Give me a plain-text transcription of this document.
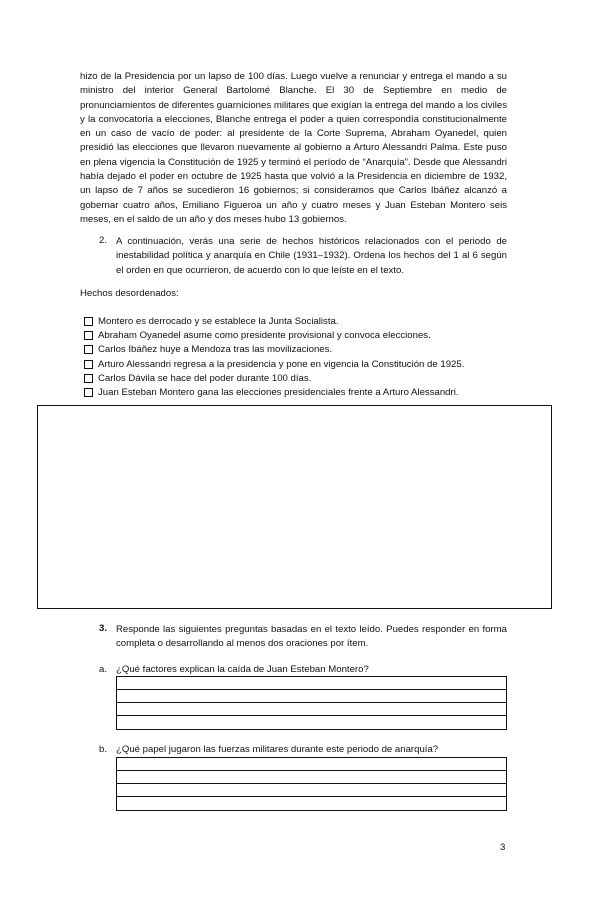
hizo de la Presidencia por un lapso de 100 días. Luego vuelve a renunciar y entrega el mando a su ministro del interior General Bartolomé Blanche. El 30 de Septiembre en medio de pronunciamientos de diferentes guarniciones militares que exigían la entrega del mando a los civiles y la convocatoria a elecciones, Blanche entrega el poder a quien correspondía constitucionalmente en un caso de vacío de poder: al presidente de la Corte Suprema, Abraham Oyanedel, quien presidió las elecciones que llevaron nuevamente al gobierno a Arturo Alessandri Palma. Este puso en plena vigencia la Constitución de 1925 y terminó el período de “Anarquía”. Desde que Alessandri había dejado el poder en octubre de 1925 hasta que volvió a la Presidencia en diciembre de 1932, un lapso de 7 años se sucedieron 16 gobiernos; si consideramos que Carlos Ibáñez alcanzó a gobernar cuatro años, Emiliano Figueroa un año y cuatro meses y Juan Esteban Montero seis meses, en el saldo de un año y dos meses hubo 13 gobiernos.

2. A continuación, verás una serie de hechos históricos relacionados con el periodo de inestabilidad política y anarquía en Chile (1931–1932). Ordena los hechos del 1 al 6 según el orden en que ocurrieron, de acuerdo con lo que leíste en el texto.
Hechos desordenados:
Montero es derrocado y se establece la Junta Socialista.
Abraham Oyanedel asume como presidente provisional y convoca elecciones.
Carlos Ibáñez huye a Mendoza tras las movilizaciones.
Arturo Alessandri regresa a la presidencia y pone en vigencia la Constitución de 1925.
Carlos Dávila se hace del poder durante 100 días.
Juan Esteban Montero gana las elecciones presidenciales frente a Arturo Alessandri.
3. Responde las siguientes preguntas basadas en el texto leído. Puedes responder en forma completa o desarrollando al menos dos oraciones por ítem.
a. ¿Qué factores explican la caída de Juan Esteban Montero?
b. ¿Qué papel jugaron las fuerzas militares durante este periodo de anarquía?
3
